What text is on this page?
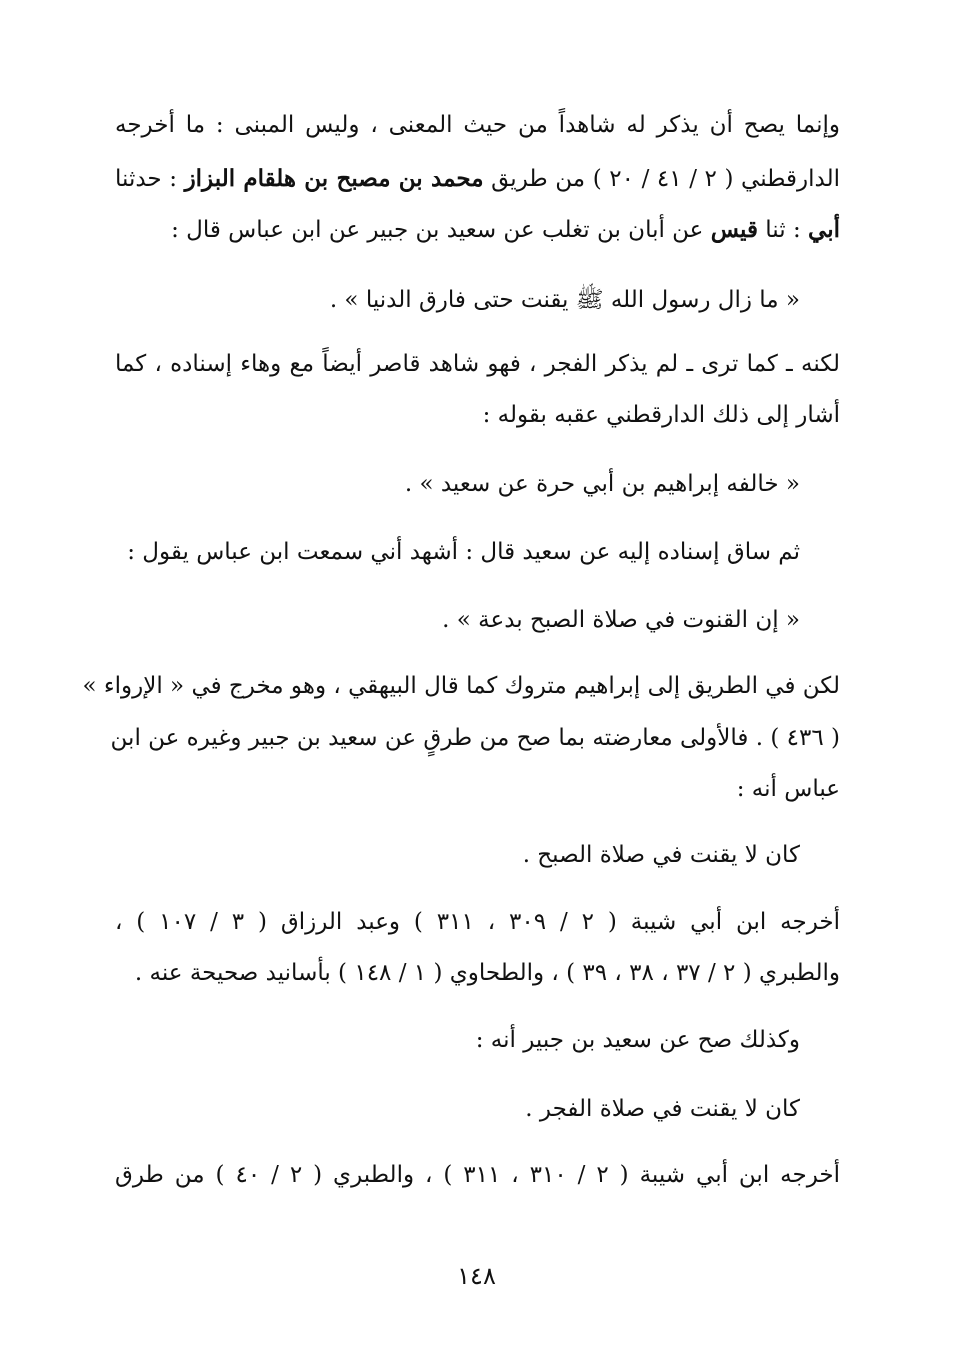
وإنما يصح أن يذكر له شاهداً من حيث المعنى ، وليس المبنى : ما أخرجه
الدارقطني ( ٢ / ٤١ / ٢٠ ) من طريق محمد بن مصبح بن هلقام البزاز : حدثنا
أبي : ثنا قيس عن أبان بن تغلب عن سعيد بن جبير عن ابن عباس قال :
« ما زال رسول الله ﷺ يقنت حتى فارق الدنيا » .
لكنه ـ كما ترى ـ لم يذكر الفجر ، فهو شاهد قاصر أيضاً مع وهاء إسناده ، كما
أشار إلى ذلك الدارقطني عقبه بقوله :
« خالفه إبراهيم بن أبي حرة عن سعيد » .
ثم ساق إسناده إليه عن سعيد قال : أشهد أني سمعت ابن عباس يقول :
« إن القنوت في صلاة الصبح بدعة » .
لكن في الطريق إلى إبراهيم متروك كما قال البيهقي ، وهو مخرج في « الإرواء »
( ٤٣٦ ) . فالأولى معارضته بما صح من طرقٍ عن سعيد بن جبير وغيره عن ابن
عباس أنه :
كان لا يقنت في صلاة الصبح .
أخرجه ابن أبي شيبة ( ٢ / ٣٠٩ ، ٣١١ ) وعبد الرزاق ( ٣ / ١٠٧ ) ،
والطبري ( ٢ / ٣٧ ، ٣٨ ، ٣٩ ) ، والطحاوي ( ١ / ١٤٨ ) بأسانيد صحيحة عنه .
وكذلك صح عن سعيد بن جبير أنه :
كان لا يقنت في صلاة الفجر .
أخرجه ابن أبي شيبة ( ٢ / ٣١٠ ، ٣١١ ) ، والطبري ( ٢ / ٤٠ ) من طرق
١٤٨
